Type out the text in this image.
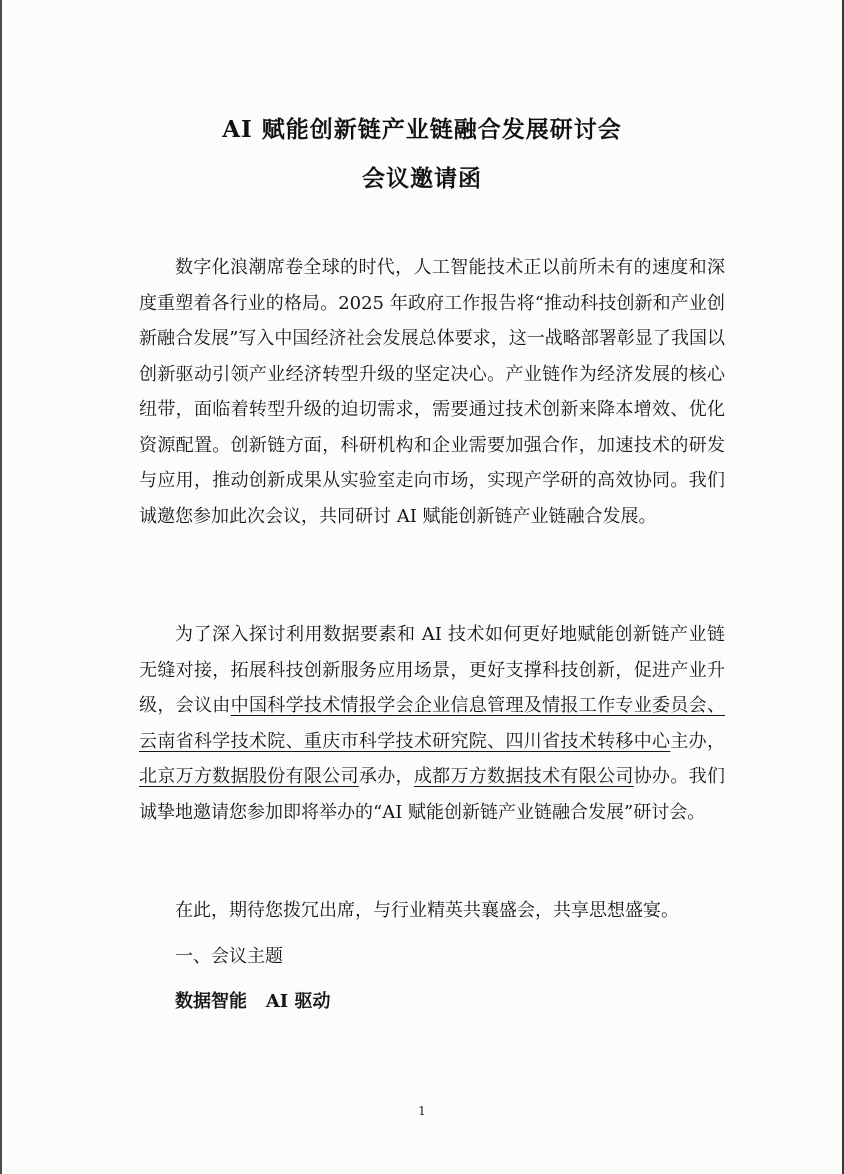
AI 赋能创新链产业链融合发展研讨会
会议邀请函
数字化浪潮席卷全球的时代，人工智能技术正以前所未有的速度和深度重塑着各行业的格局。2025 年政府工作报告将“推动科技创新和产业创新融合发展”写入中国经济社会发展总体要求，这一战略部署彰显了我国以创新驱动引领产业经济转型升级的坚定决心。产业链作为经济发展的核心纽带，面临着转型升级的迫切需求，需要通过技术创新来降本增效、优化资源配置。创新链方面，科研机构和企业需要加强合作，加速技术的研发与应用，推动创新成果从实验室走向市场，实现产学研的高效协同。我们诚邀您参加此次会议，共同研讨 AI 赋能创新链产业链融合发展。
为了深入探讨利用数据要素和 AI 技术如何更好地赋能创新链产业链无缝对接，拓展科技创新服务应用场景，更好支撑科技创新，促进产业升级，会议由中国科学技术情报学会企业信息管理及情报工作专业委员会、云南省科学技术院、重庆市科学技术研究院、四川省技术转移中心主办，北京万方数据股份有限公司承办，成都万方数据技术有限公司协办。我们诚挚地邀请您参加即将举办的“AI 赋能创新链产业链融合发展”研讨会。
在此，期待您拨冗出席，与行业精英共襄盛会，共享思想盛宴。
一、会议主题
数据智能 AI 驱动
1
